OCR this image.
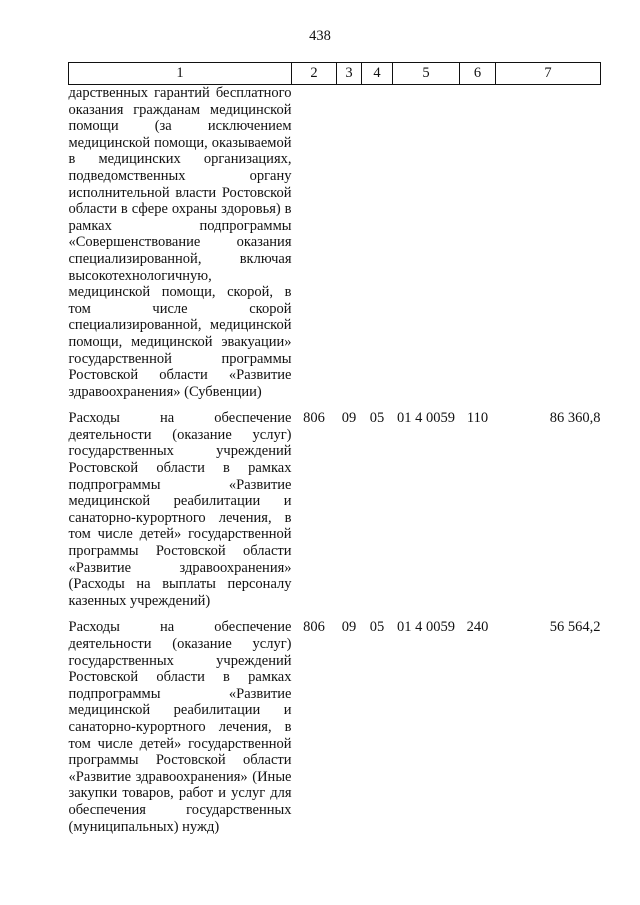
438
1	2	3	4	5	6	7
дарственных гарантий бесплатного оказания гражданам медицинской помощи (за исключением медицинской помощи, оказываемой в медицинских организациях, подведомственных органу исполнительной власти Ростовской области в сфере охраны здоровья) в рамках подпрограммы «Совершенствование оказания специализированной, включая высокотехнологичную, медицинской помощи, скорой, в том числе скорой специализированной, медицинской помощи, медицинской эвакуации» государственной программы Ростовской области «Развитие здравоохранения» (Субвенции)						
Расходы на обеспечение деятельности (оказание услуг) государственных учреждений Ростовской области в рамках подпрограммы «Развитие медицинской реабилитации и санаторно-курортного лечения, в том числе детей» государственной программы Ростовской области «Развитие здравоохранения» (Расходы на выплаты персоналу казенных учреждений)	806	09	05	01 4 0059	110	86 360,8
Расходы на обеспечение деятельности (оказание услуг) государственных учреждений Ростовской области в рамках подпрограммы «Развитие медицинской реабилитации и санаторно-курортного лечения, в том числе детей» государственной программы Ростовской области «Развитие здравоохранения» (Иные закупки товаров, работ и услуг для обеспечения государственных (муниципальных) нужд)	806	09	05	01 4 0059	240	56 564,2
